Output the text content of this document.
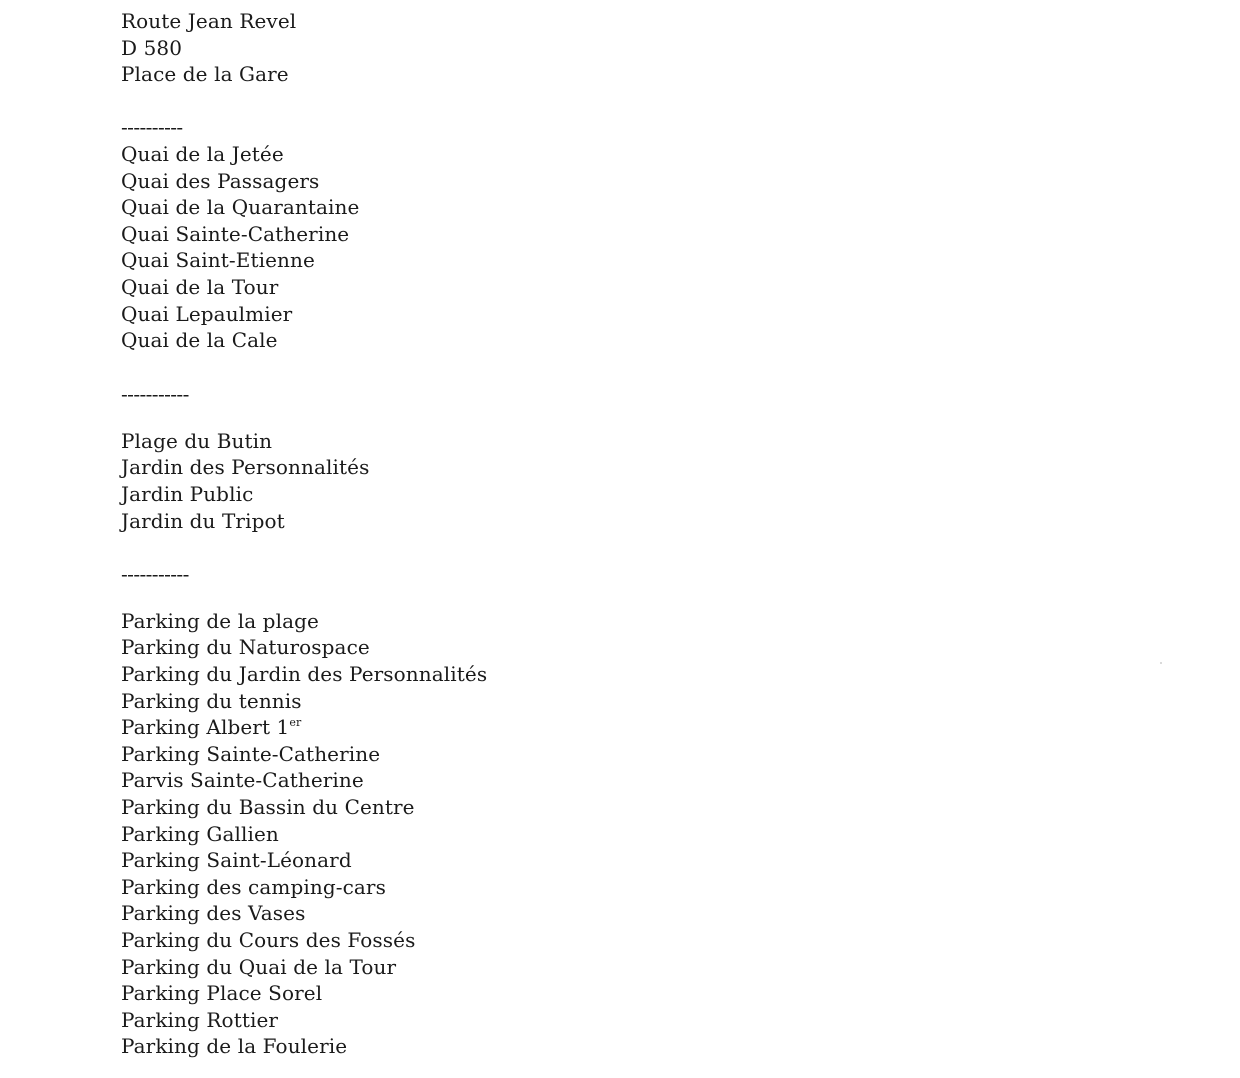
Route Jean Revel
D 580
Place de la Gare
----------
Quai de la Jetée
Quai des Passagers
Quai de la Quarantaine
Quai Sainte-Catherine
Quai Saint-Etienne
Quai de la Tour
Quai Lepaulmier
Quai de la Cale
-----------
Plage du Butin
Jardin des Personnalités
Jardin Public
Jardin du Tripot
-----------
Parking de la plage
Parking du Naturospace
Parking du Jardin des Personnalités
Parking du tennis
Parking Albert 1er
Parking Sainte-Catherine
Parvis Sainte-Catherine
Parking du Bassin du Centre
Parking Gallien
Parking Saint-Léonard
Parking des camping-cars
Parking des Vases
Parking du Cours des Fossés
Parking du Quai de la Tour
Parking Place Sorel
Parking Rottier
Parking de la Foulerie
